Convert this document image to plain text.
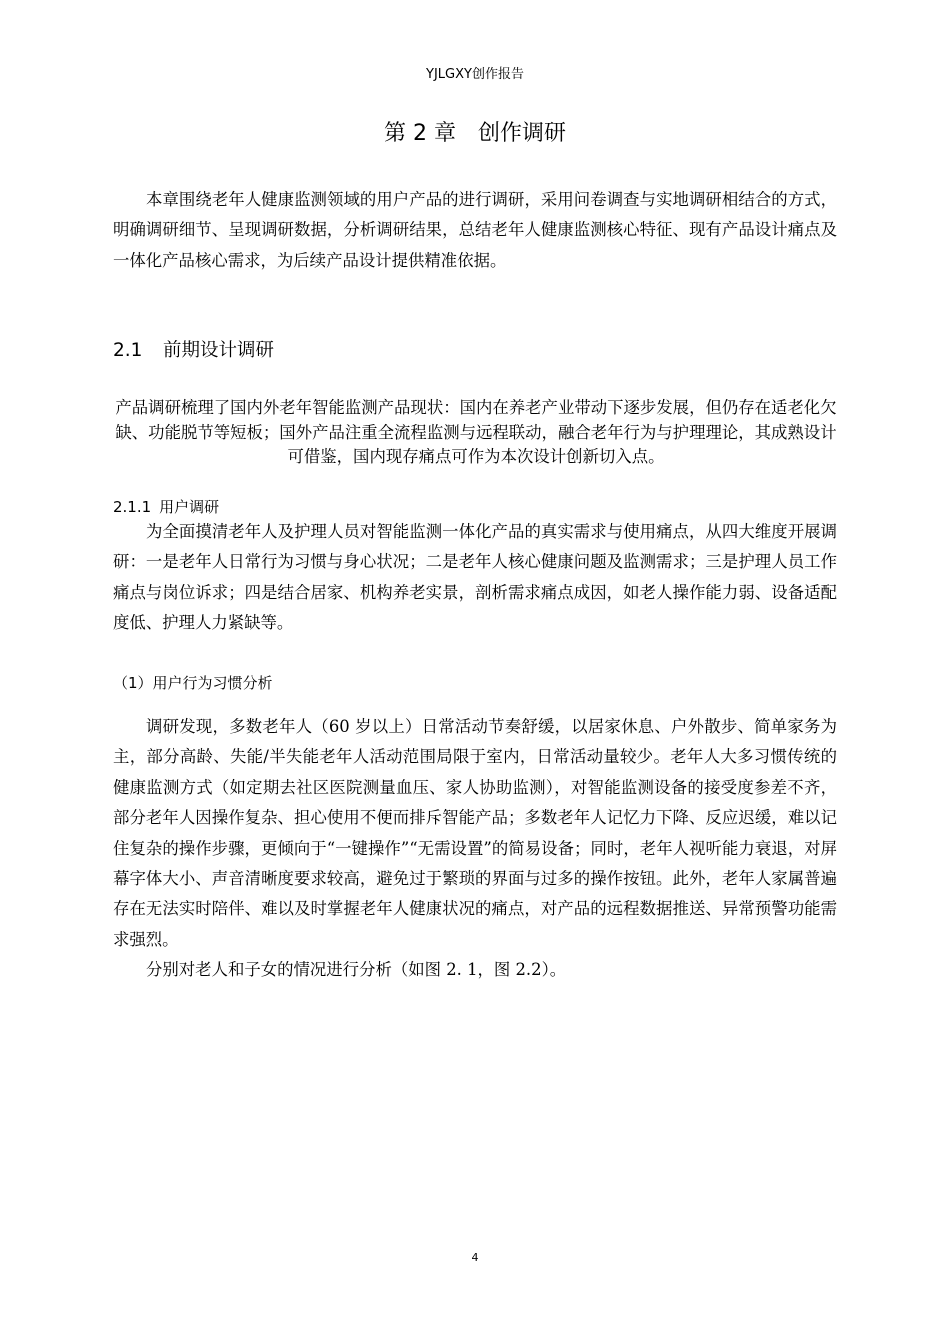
YJLGXY创作报告
第 2 章　创作调研
本章围绕老年人健康监测领域的用户产品的进行调研，采用问卷调查与实地调研相结合的方式，明确调研细节、呈现调研数据，分析调研结果，总结老年人健康监测核心特征、现有产品设计痛点及一体化产品核心需求，为后续产品设计提供精准依据。
2.1 前期设计调研
产品调研梳理了国内外老年智能监测产品现状：国内在养老产业带动下逐步发展，但仍存在适老化欠缺、功能脱节等短板；国外产品注重全流程监测与远程联动，融合老年行为与护理理论，其成熟设计可借鉴，国内现存痛点可作为本次设计创新切入点。
2.1.1 用户调研
为全面摸清老年人及护理人员对智能监测一体化产品的真实需求与使用痛点，从四大维度开展调研：一是老年人日常行为习惯与身心状况；二是老年人核心健康问题及监测需求；三是护理人员工作痛点与岗位诉求；四是结合居家、机构养老实景，剖析需求痛点成因，如老人操作能力弱、设备适配度低、护理人力紧缺等。
（1）用户行为习惯分析
调研发现，多数老年人（60 岁以上）日常活动节奏舒缓，以居家休息、户外散步、简单家务为主，部分高龄、失能/半失能老年人活动范围局限于室内，日常活动量较少。老年人大多习惯传统的健康监测方式（如定期去社区医院测量血压、家人协助监测），对智能监测设备的接受度参差不齐，部分老年人因操作复杂、担心使用不便而排斥智能产品；多数老年人记忆力下降、反应迟缓，难以记住复杂的操作步骤，更倾向于“一键操作”“无需设置”的简易设备；同时，老年人视听能力衰退，对屏幕字体大小、声音清晰度要求较高，避免过于繁琐的界面与过多的操作按钮。此外，老年人家属普遍存在无法实时陪伴、难以及时掌握老年人健康状况的痛点，对产品的远程数据推送、异常预警功能需求强烈。
分别对老人和子女的情况进行分析（如图 2. 1，图 2.2）。
4
